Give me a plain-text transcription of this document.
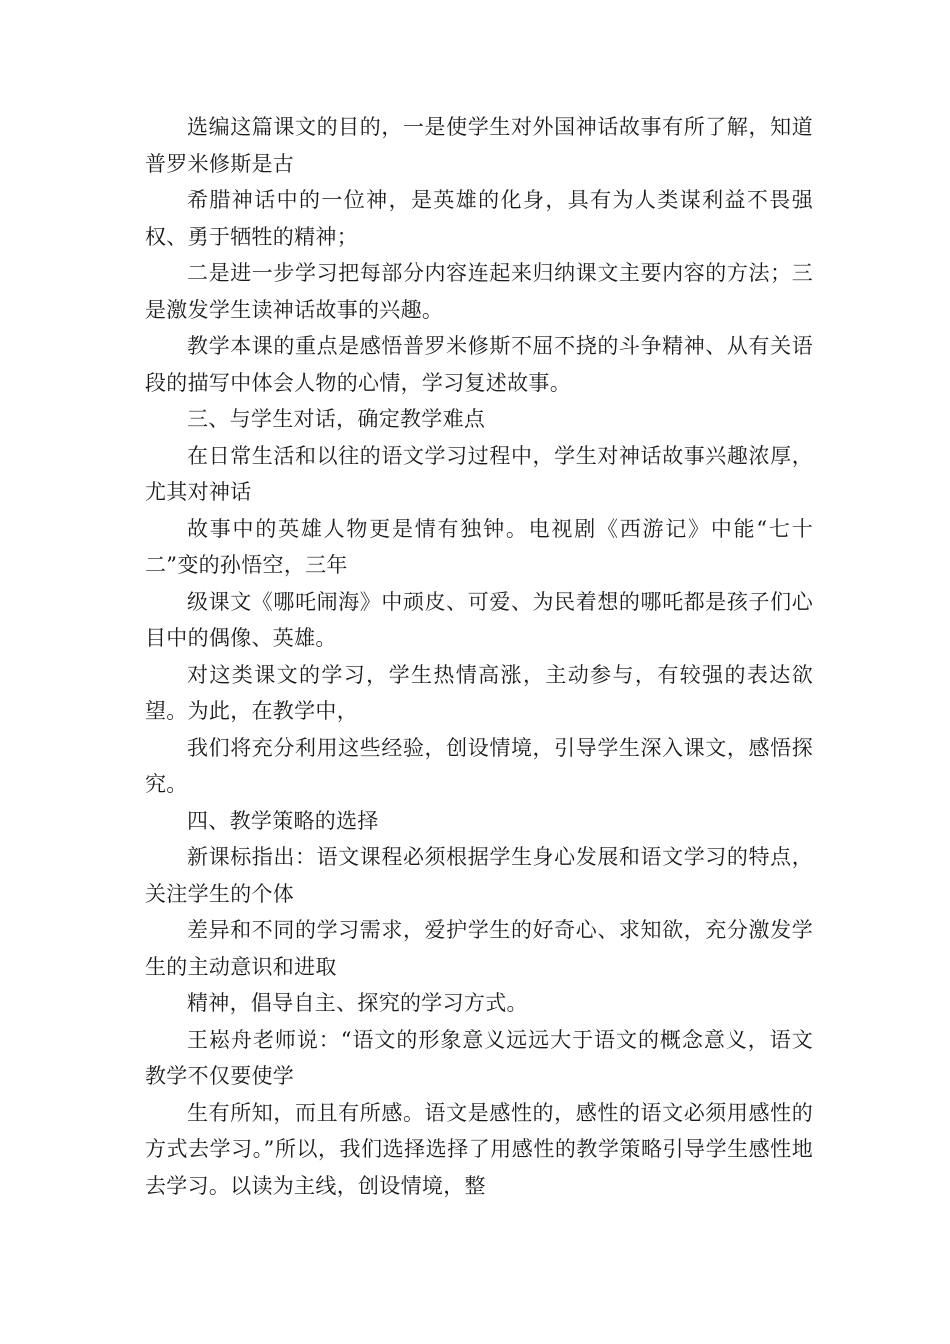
选编这篇课文的目的，一是使学生对外国神话故事有所了解，知道普罗米修斯是古

希腊神话中的一位神，是英雄的化身，具有为人类谋利益不畏强权、勇于牺牲的精神；

二是进一步学习把每部分内容连起来归纳课文主要内容的方法；三是激发学生读神话故事的兴趣。

教学本课的重点是感悟普罗米修斯不屈不挠的斗争精神、从有关语段的描写中体会人物的心情，学习复述故事。

三、与学生对话，确定教学难点

在日常生活和以往的语文学习过程中，学生对神话故事兴趣浓厚，尤其对神话

故事中的英雄人物更是情有独钟。电视剧《西游记》中能“七十二”变的孙悟空，三年

级课文《哪吒闹海》中顽皮、可爱、为民着想的哪吒都是孩子们心目中的偶像、英雄。

对这类课文的学习，学生热情高涨，主动参与，有较强的表达欲望。为此，在教学中，

我们将充分利用这些经验，创设情境，引导学生深入课文，感悟探究。

四、教学策略的选择

新课标指出：语文课程必须根据学生身心发展和语文学习的特点，关注学生的个体

差异和不同的学习需求，爱护学生的好奇心、求知欲，充分激发学生的主动意识和进取

精神，倡导自主、探究的学习方式。

王崧舟老师说：“语文的形象意义远远大于语文的概念意义，语文教学不仅要使学

生有所知，而且有所感。语文是感性的，感性的语文必须用感性的方式去学习。”所以，我们选择选择了用感性的教学策略引导学生感性地去学习。以读为主线，创设情境，整
